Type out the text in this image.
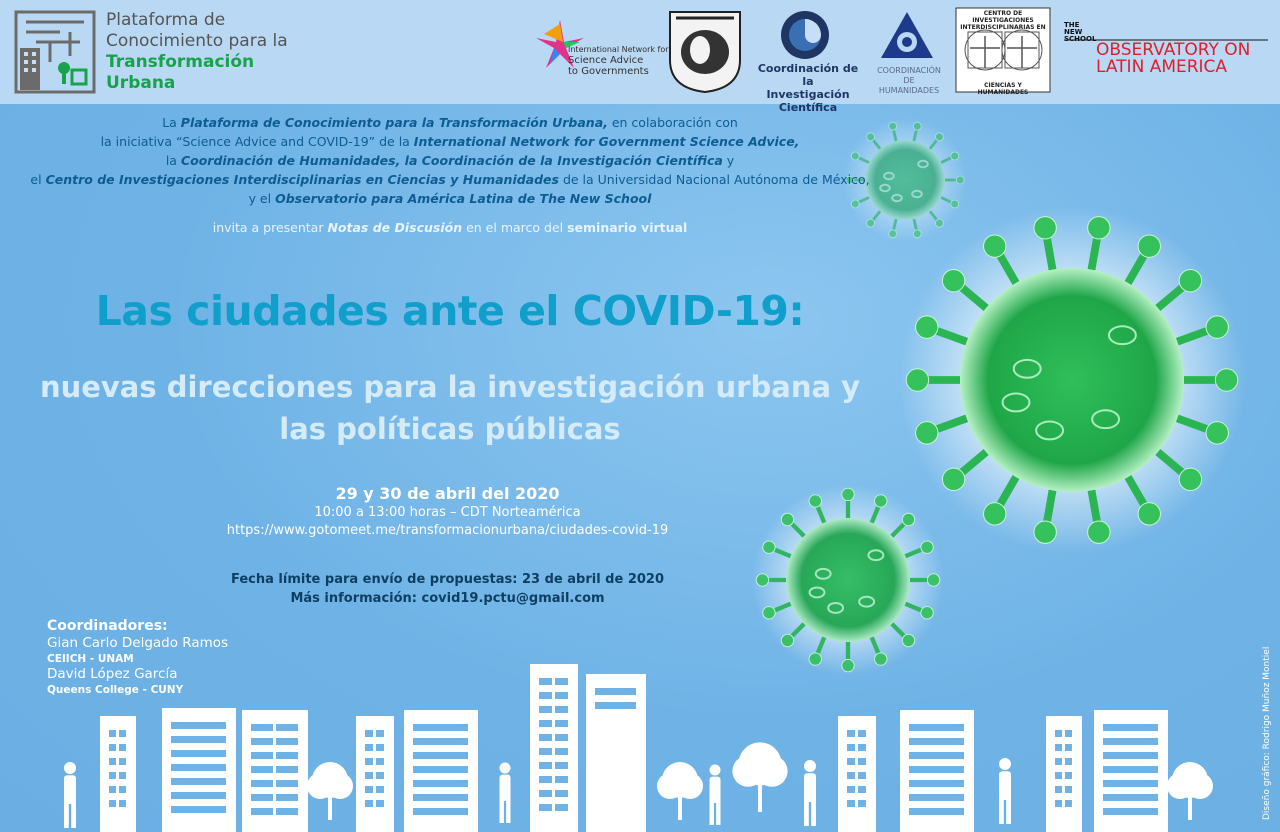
Plataforma de
Conocimiento para la
Transformación
Urbana
International Network for
Science Advice
to Governments	Coordinación de la
Investigación Científica
COORDINACIÓN
DE HUMANIDADES
CENTRO DE INVESTIGACIONES INTERDISCIPLINARIAS EN
CIENCIAS Y HUMANIDADES
THE
NEW
SCHOOL
OBSERVATORY ON
LATIN AMERICA
La Plataforma de Conocimiento para la Transformación Urbana, en colaboración con
la iniciativa “Science Advice and COVID-19” de la International Network for Government Science Advice,
la Coordinación de Humanidades, la Coordinación de la Investigación Científica y
el Centro de Investigaciones Interdisciplinarias en Ciencias y Humanidades de la Universidad Nacional Autónoma de México,
y el Observatorio para América Latina de The New School
invita a presentar Notas de Discusión en el marco del seminario virtual
Las ciudades ante el COVID-19:
nuevas direcciones para la investigación urbana y
las políticas públicas
29 y 30 de abril del 2020
10:00 a 13:00 horas – CDT Norteamérica
https://www.gotomeet.me/transformacionurbana/ciudades-covid-19
Fecha límite para envío de propuestas: 23 de abril de 2020
Más información: covid19.pctu@gmail.com
Coordinadores:
Gian Carlo Delgado Ramos
CEIICH - UNAM
David López García
Queens College - CUNY	Diseño gráfico: Rodrigo Muñoz Montiel
